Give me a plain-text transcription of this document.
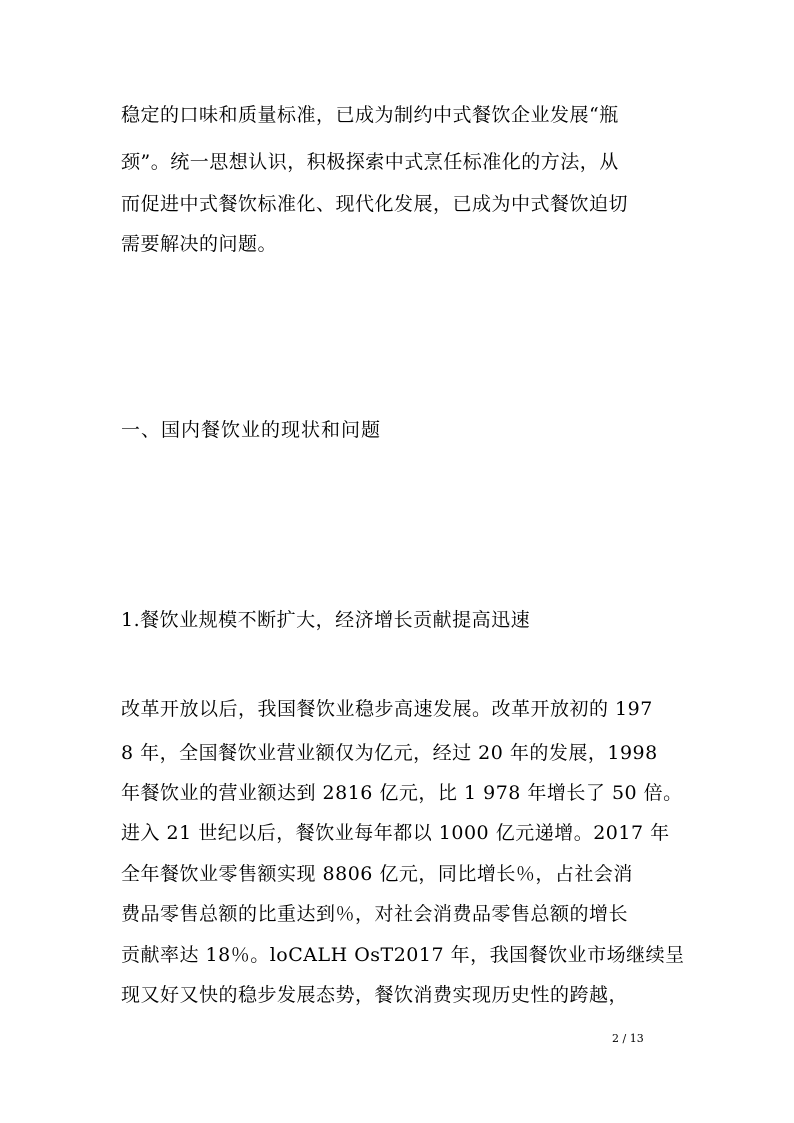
稳定的口味和质量标准，已成为制约中式餐饮企业发展“瓶
颈”。统一思想认识，积极探索中式烹任标准化的方法，从
而促进中式餐饮标准化、现代化发展，已成为中式餐饮迫切
需要解决的问题。
一、国内餐饮业的现状和问题
1.餐饮业规模不断扩大，经济增长贡献提高迅速
改革开放以后，我国餐饮业稳步高速发展。改革开放初的 197
8 年，全国餐饮业营业额仅为亿元，经过 20 年的发展，1998
年餐饮业的营业额达到 2816 亿元，比 1 978 年增长了 50 倍。
进入 21 世纪以后，餐饮业每年都以 1000 亿元递增。2017 年
全年餐饮业零售额实现 8806 亿元，同比增长％，占社会消
费品零售总额的比重达到％，对社会消费品零售总额的增长
贡献率达 18％。loCALH OsT2017 年，我国餐饮业市场继续呈
现又好又快的稳步发展态势，餐饮消费实现历史性的跨越，
2 / 13
